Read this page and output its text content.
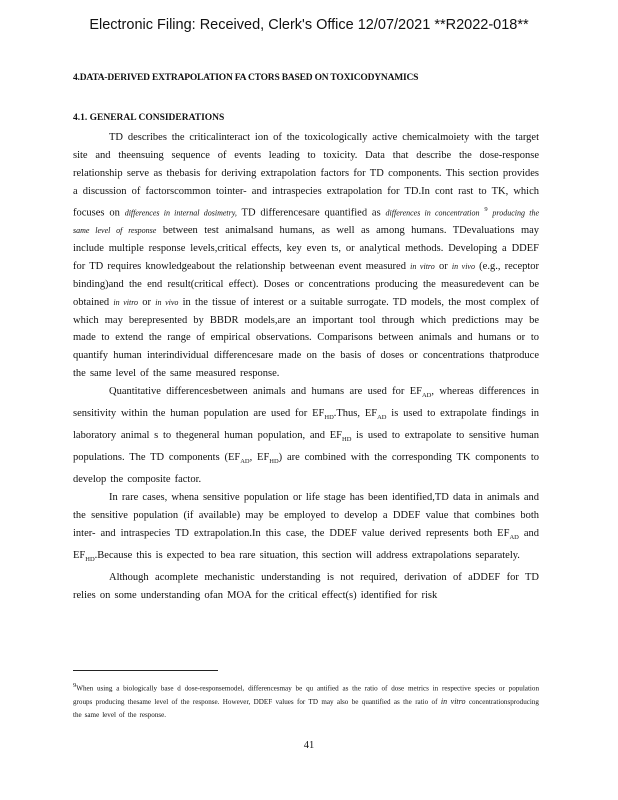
Electronic Filing: Received, Clerk's Office 12/07/2021 **R2022-018**
4.DATA-DERIVED EXTRAPOLATION FA CTORS BASED ON TOXICODYNAMICS
4.1. GENERAL CONSIDERATIONS

TD describes the criticalinteract ion of the toxicologically active chemicalmoiety with the target site and theensuing sequence of events leading to toxicity. Data that describe the dose-response relationship serve as thebasis for deriving extrapolation factors for TD components. This section provides a discussion of factorscommon tointer- and intraspecies extrapolation for TD.In cont rast to TK, which focuses on differences in internal dosimetry, TD differencesare quantified as differences in concentration $^9$ producing the same level of response between test animalsand humans, as well as among humans. TDevaluations may include multiple response levels,critical effects, key even ts, or analytical methods. Developing a DDEF for TD requires knowledgeabout the relationship betweenan event measured in vitro or in vivo (e.g., receptor binding)and the end result(critical effect). Doses or concentrations producing the measuredevent can be obtained in vitro or in vivo in the tissue of interest or a suitable surrogate. TD models, the most complex of which may berepresented by BBDR models,are an important tool through which predictions may be made to extend the range of empirical observations. Comparisons between animals and humans or to quantify human interindividual differencesare made on the basis of doses or concentrations thatproduce the same level of the same measured response.

Quantitative differencesbetween animals and humans are used for $EF_{AD}$, whereas differences in sensitivity within the human population are used for $EF_{HD}.Thus$, $EF_{AD}$ is used to extrapolate findings in laboratory animal s to thegeneral human population, and $EF_{HD}$ is used to extrapolate to sensitive human populations. The TD components ($EF_{AD}$, $EF_{HD}$) are combined with the corresponding TK components to develop the composite factor.

In rare cases, whena sensitive population or life stage has been identified,TD data in animals and the sensitive population (if available) may be employed to develop a DDEF value that combines both inter- and intraspecies TD extrapolation.In this case, the DDEF value derived represents both $EF_{AD}$ and $EF_{HD}.Because$ this is expected to bea rare situation, this section will address extrapolations separately.

Although acomplete mechanistic understanding is not required, derivation of aDDEF for TD relies on some understanding ofan MOA for the critical effect(s) identified for risk

9When using a biologically base d dose-responsemodel, differencesmay be qu antified as the ratio of dose metrics in respective species or population groups producing thesame level of the response. However, DDEF values for TD may also be quantified as the ratio of in vitro concentrationsproducing the same level of the response.
41
